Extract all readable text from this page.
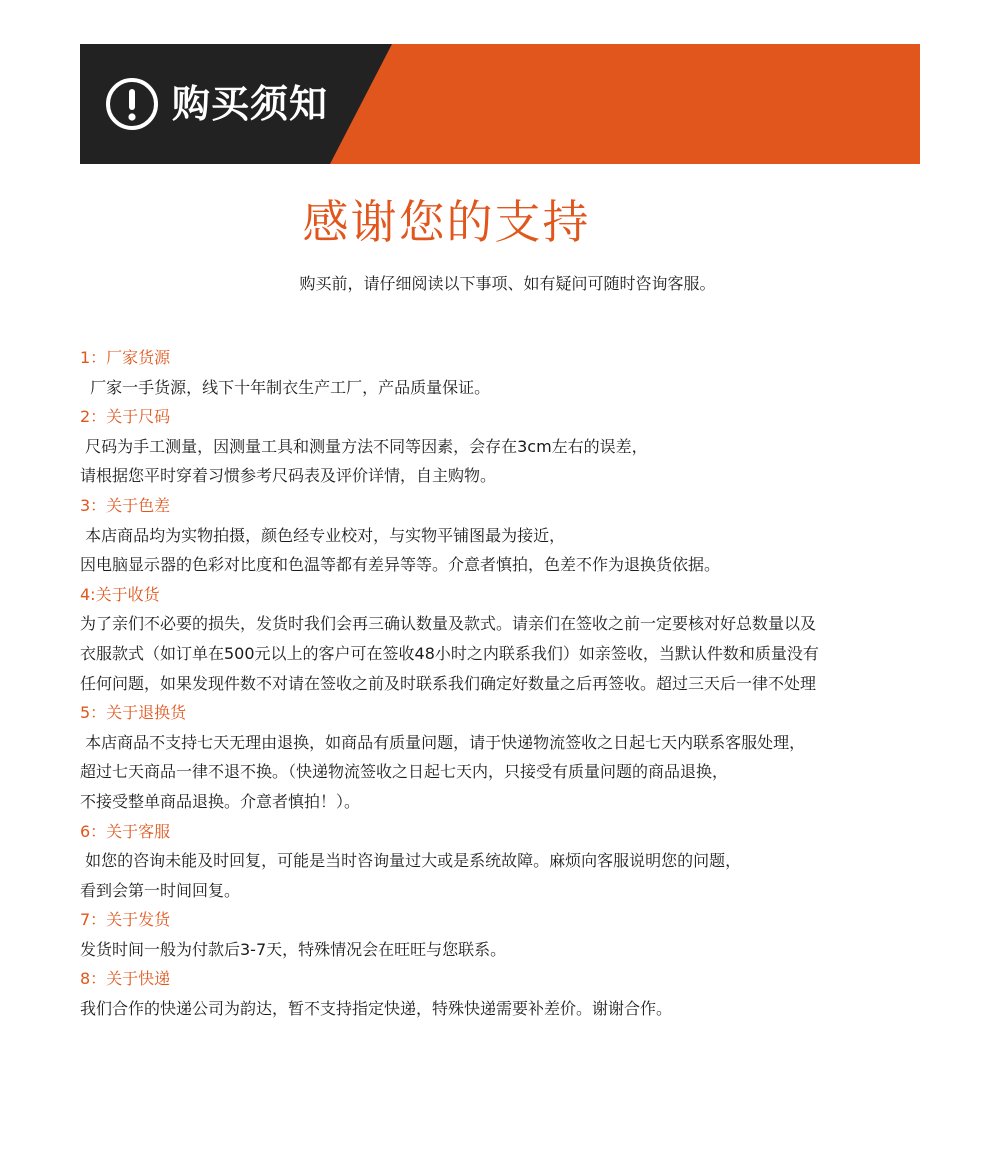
购买须知
感谢您的支持
购买前，请仔细阅读以下事项、如有疑问可随时咨询客服。
1：厂家货源
厂家一手货源，线下十年制衣生产工厂，产品质量保证。
2：关于尺码
尺码为手工测量，因测量工具和测量方法不同等因素，会存在3cm左右的误差，
请根据您平时穿着习惯参考尺码表及评价详情，自主购物。
3：关于色差
本店商品均为实物拍摄，颜色经专业校对，与实物平铺图最为接近，
因电脑显示器的色彩对比度和色温等都有差异等等。介意者慎拍，色差不作为退换货依据。
4:关于收货
为了亲们不必要的损失，发货时我们会再三确认数量及款式。请亲们在签收之前一定要核对好总数量以及
衣服款式（如订单在500元以上的客户可在签收48小时之内联系我们）如亲签收，当默认件数和质量没有
任何问题，如果发现件数不对请在签收之前及时联系我们确定好数量之后再签收。超过三天后一律不处理
5：关于退换货
本店商品不支持七天无理由退换，如商品有质量问题，请于快递物流签收之日起七天内联系客服处理，
超过七天商品一律不退不换。（快递物流签收之日起七天内，只接受有质量问题的商品退换，
不接受整单商品退换。介意者慎拍！）。
6：关于客服
如您的咨询未能及时回复，可能是当时咨询量过大或是系统故障。麻烦向客服说明您的问题，
看到会第一时间回复。
7：关于发货
发货时间一般为付款后3-7天，特殊情况会在旺旺与您联系。
8：关于快递
我们合作的快递公司为韵达，暂不支持指定快递，特殊快递需要补差价。谢谢合作。
